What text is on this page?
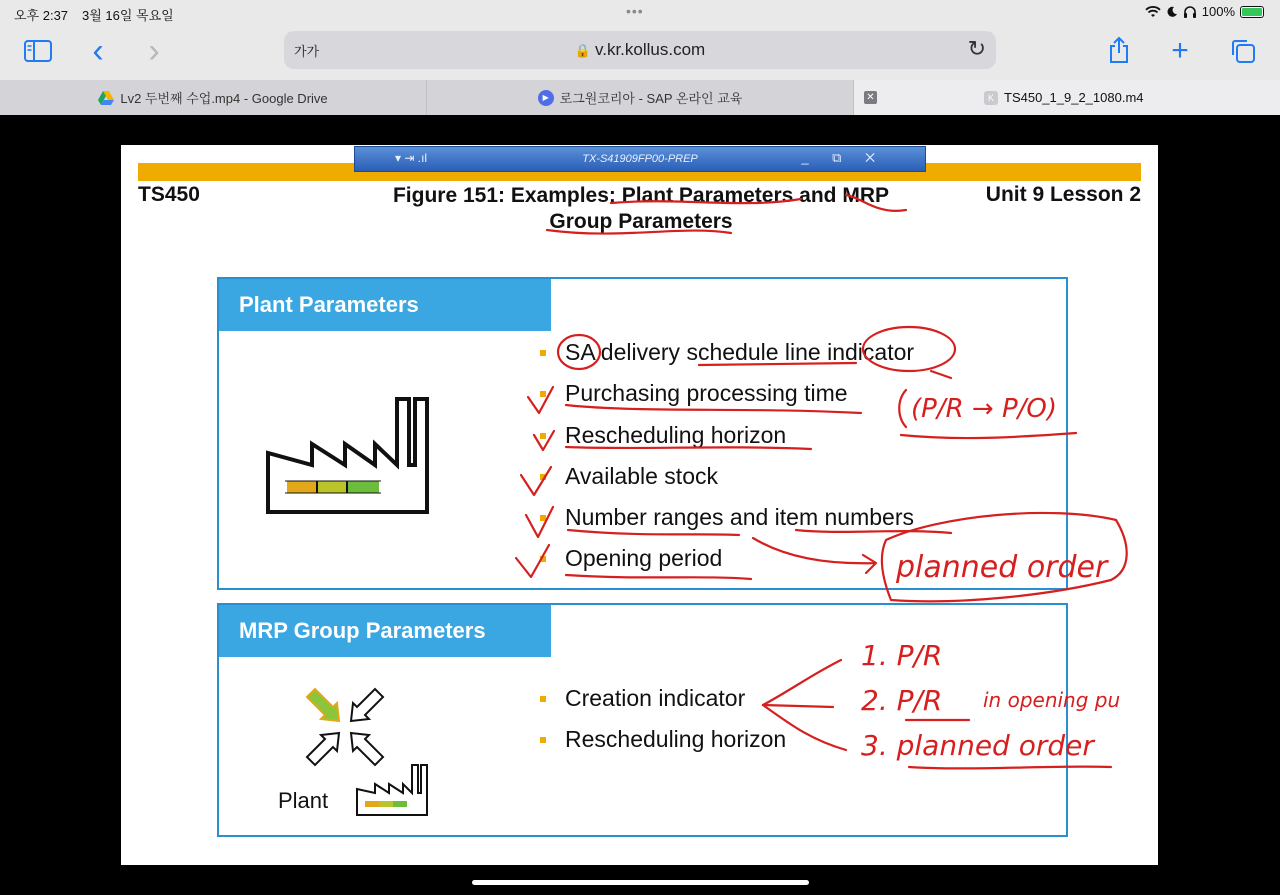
오후 2:37 3월 16일 목요일	•••	100%
‹	›	가가	🔒 v.kr.kollus.com	↻	+
Lv2 두번째 수업.mp4 - Google Drive	▶ 로그원코리아 - SAP 온라인 교육	✕	K TS450_1_9_2_1080.m4
▾ ⇥ .ıl	TX-S41909FP00-PREP	_ ⧉ ✕
TS450	Figure 151: Examples: Plant Parameters and MRP
Group Parameters
Unit 9 Lesson 2
Plant Parameters
SA delivery schedule line indicator
Purchasing processing time
Rescheduling horizon
Available stock
Number ranges and item numbers
Opening period
MRP Group Parameters
Creation indicator
Rescheduling horizon
Plant
(P/R → P/O)
planned order
1. P/R
2. P/R in opening pu
3. planned order
